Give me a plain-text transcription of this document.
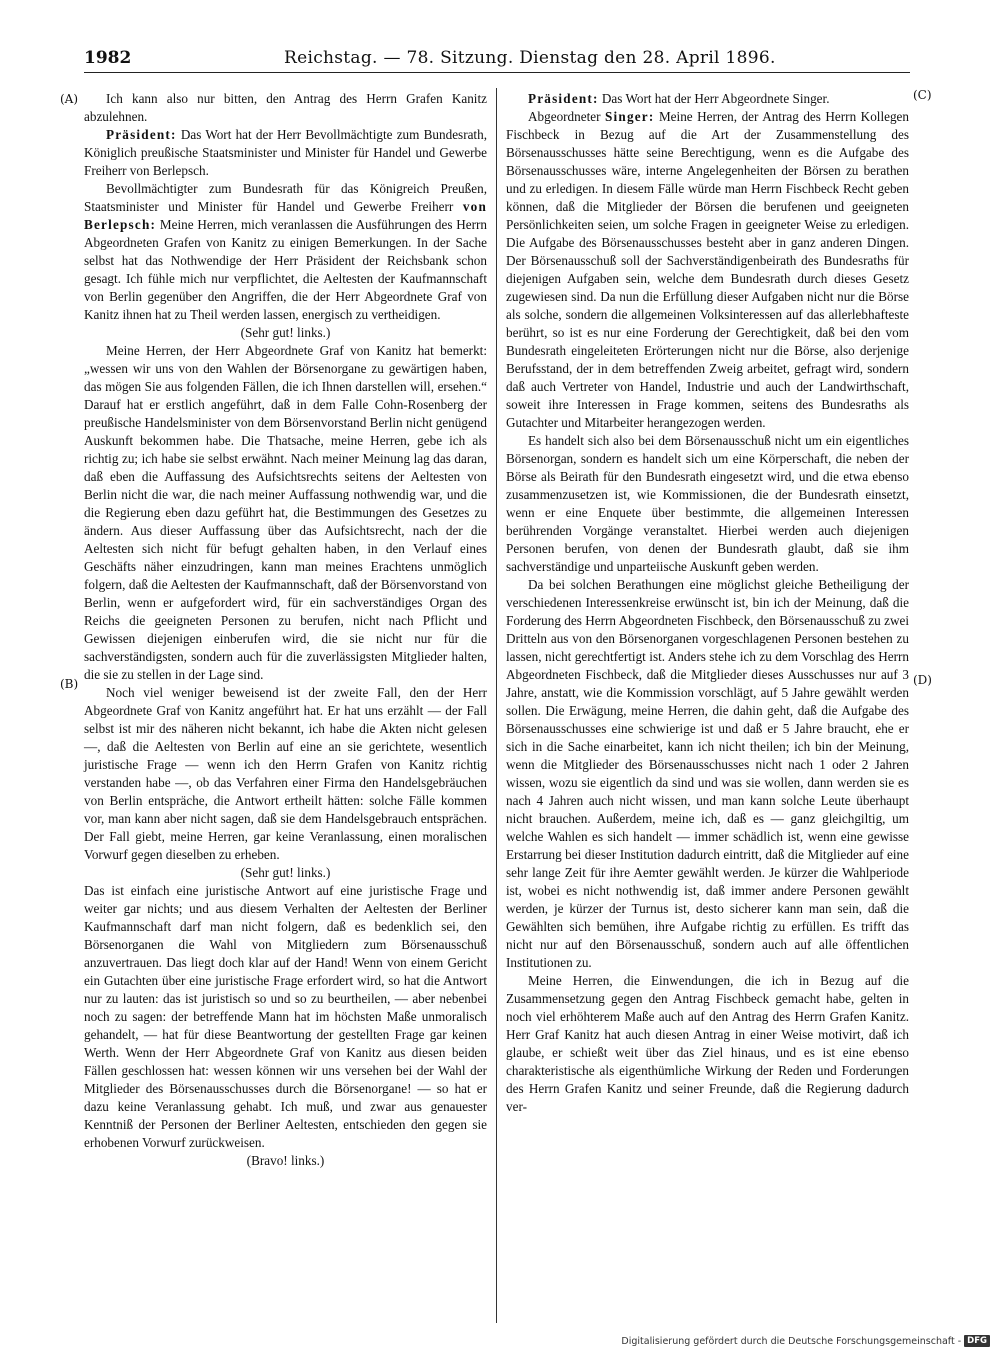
1982	Reichstag. — 78. Sitzung. Dienstag den 28. April 1896.
(A)
(B)
(C)
(D)

Ich kann also nur bitten, den Antrag des Herrn Grafen Kanitz abzulehnen.

Präsident: Das Wort hat der Herr Bevollmächtigte zum Bundesrath, Königlich preußische Staatsminister und Minister für Handel und Gewerbe Freiherr von Berlepsch.

Bevollmächtigter zum Bundesrath für das Königreich Preußen, Staatsminister und Minister für Handel und Gewerbe Freiherr von Berlepsch: Meine Herren, mich veranlassen die Ausführungen des Herrn Abgeordneten Grafen von Kanitz zu einigen Bemerkungen. In der Sache selbst hat das Nothwendige der Herr Präsident der Reichsbank schon gesagt. Ich fühle mich nur verpflichtet, die Aeltesten der Kaufmannschaft von Berlin gegenüber den Angriffen, die der Herr Abgeordnete Graf von Kanitz ihnen hat zu Theil werden lassen, energisch zu vertheidigen.

(Sehr gut! links.)

Meine Herren, der Herr Abgeordnete Graf von Kanitz hat bemerkt: „wessen wir uns von den Wahlen der Börsenorgane zu gewärtigen haben, das mögen Sie aus folgenden Fällen, die ich Ihnen darstellen will, ersehen.“ Darauf hat er erstlich angeführt, daß in dem Falle Cohn-Rosenberg der preußische Handelsminister von dem Börsenvorstand Berlin nicht genügend Auskunft bekommen habe. Die Thatsache, meine Herren, gebe ich als richtig zu; ich habe sie selbst erwähnt. Nach meiner Meinung lag das daran, daß eben die Auffassung des Aufsichtsrechts seitens der Aeltesten von Berlin nicht die war, die nach meiner Auffassung nothwendig war, und die die Regierung eben dazu geführt hat, die Bestimmungen des Gesetzes zu ändern. Aus dieser Auffassung über das Aufsichtsrecht, nach der die Aeltesten sich nicht für befugt gehalten haben, in den Verlauf eines Geschäfts näher einzudringen, kann man meines Erachtens unmöglich folgern, daß die Aeltesten der Kaufmannschaft, daß der Börsenvorstand von Berlin, wenn er aufgefordert wird, für ein sachverständiges Organ des Reichs die geeigneten Personen zu berufen, nicht nach Pflicht und Gewissen diejenigen einberufen wird, die sie nicht nur für die sachverständigsten, sondern auch für die zuverlässigsten Mitglieder halten, die sie zu stellen in der Lage sind.

Noch viel weniger beweisend ist der zweite Fall, den der Herr Abgeordnete Graf von Kanitz angeführt hat. Er hat uns erzählt — der Fall selbst ist mir des näheren nicht bekannt, ich habe die Akten nicht gelesen —, daß die Aeltesten von Berlin auf eine an sie gerichtete, wesentlich juristische Frage — wenn ich den Herrn Grafen von Kanitz richtig verstanden habe —, ob das Verfahren einer Firma den Handelsgebräuchen von Berlin entspräche, die Antwort ertheilt hätten: solche Fälle kommen vor, man kann aber nicht sagen, daß sie dem Handelsgebrauch entsprächen. Der Fall giebt, meine Herren, gar keine Veranlassung, einen moralischen Vorwurf gegen dieselben zu erheben.

(Sehr gut! links.)

Das ist einfach eine juristische Antwort auf eine juristische Frage und weiter gar nichts; und aus diesem Verhalten der Aeltesten der Berliner Kaufmannschaft darf man nicht folgern, daß es bedenklich sei, den Börsenorganen die Wahl von Mitgliedern zum Börsenausschuß anzuvertrauen. Das liegt doch klar auf der Hand! Wenn von einem Gericht ein Gutachten über eine juristische Frage erfordert wird, so hat die Antwort nur zu lauten: das ist juristisch so und so zu beurtheilen, — aber nebenbei noch zu sagen: der betreffende Mann hat im höchsten Maße unmoralisch gehandelt, — hat für diese Beantwortung der gestellten Frage gar keinen Werth. Wenn der Herr Abgeordnete Graf von Kanitz aus diesen beiden Fällen geschlossen hat: wessen können wir uns versehen bei der Wahl der Mitglieder des Börsenausschusses durch die Börsenorgane! — so hat er dazu keine Veranlassung gehabt. Ich muß, und zwar aus genauester Kenntniß der Personen der Berliner Aeltesten, entschieden den gegen sie erhobenen Vorwurf zurückweisen.

(Bravo! links.)

Präsident: Das Wort hat der Herr Abgeordnete Singer.

Abgeordneter Singer: Meine Herren, der Antrag des Herrn Kollegen Fischbeck in Bezug auf die Art der Zusammenstellung des Börsenausschusses hätte seine Berechtigung, wenn es die Aufgabe des Börsenausschusses wäre, interne Angelegenheiten der Börsen zu berathen und zu erledigen. In diesem Fälle würde man Herrn Fischbeck Recht geben können, daß die Mitglieder der Börsen die berufenen und geeigneten Persönlichkeiten seien, um solche Fragen in geeigneter Weise zu erledigen. Die Aufgabe des Börsenausschusses besteht aber in ganz anderen Dingen. Der Börsenausschuß soll der Sachverständigenbeirath des Bundesraths für diejenigen Aufgaben sein, welche dem Bundesrath durch dieses Gesetz zugewiesen sind. Da nun die Erfüllung dieser Aufgaben nicht nur die Börse als solche, sondern die allgemeinen Volksinteressen auf das allerlebhafteste berührt, so ist es nur eine Forderung der Gerechtigkeit, daß bei den vom Bundesrath eingeleiteten Erörterungen nicht nur die Börse, also derjenige Berufsstand, der in dem betreffenden Zweig arbeitet, gefragt wird, sondern daß auch Vertreter von Handel, Industrie und auch der Landwirthschaft, soweit ihre Interessen in Frage kommen, seitens des Bundesraths als Gutachter und Mitarbeiter herangezogen werden.

Es handelt sich also bei dem Börsenausschuß nicht um ein eigentliches Börsenorgan, sondern es handelt sich um eine Körperschaft, die neben der Börse als Beirath für den Bundesrath eingesetzt wird, und die etwa ebenso zusammenzusetzen ist, wie Kommissionen, die der Bundesrath einsetzt, wenn er eine Enquete über bestimmte, die allgemeinen Interessen berührenden Vorgänge veranstaltet. Hierbei werden auch diejenigen Personen berufen, von denen der Bundesrath glaubt, daß sie ihm sachverständige und unparteiische Auskunft geben werden.

Da bei solchen Berathungen eine möglichst gleiche Betheiligung der verschiedenen Interessenkreise erwünscht ist, bin ich der Meinung, daß die Forderung des Herrn Abgeordneten Fischbeck, den Börsenausschuß zu zwei Dritteln aus von den Börsenorganen vorgeschlagenen Personen bestehen zu lassen, nicht gerechtfertigt ist. Anders stehe ich zu dem Vorschlag des Herrn Abgeordneten Fischbeck, daß die Mitglieder dieses Ausschusses nur auf 3 Jahre, anstatt, wie die Kommission vorschlägt, auf 5 Jahre gewählt werden sollen. Die Erwägung, meine Herren, die dahin geht, daß die Aufgabe des Börsenausschusses eine schwierige ist und daß er 5 Jahre braucht, ehe er sich in die Sache einarbeitet, kann ich nicht theilen; ich bin der Meinung, wenn die Mitglieder des Börsenausschusses nicht nach 1 oder 2 Jahren wissen, wozu sie eigentlich da sind und was sie wollen, dann werden sie es nach 4 Jahren auch nicht wissen, und man kann solche Leute überhaupt nicht brauchen. Außerdem, meine ich, daß es — ganz gleichgiltig, um welche Wahlen es sich handelt — immer schädlich ist, wenn eine gewisse Erstarrung bei dieser Institution dadurch eintritt, daß die Mitglieder auf eine sehr lange Zeit für ihre Aemter gewählt werden. Je kürzer die Wahlperiode ist, wobei es nicht nothwendig ist, daß immer andere Personen gewählt werden, je kürzer der Turnus ist, desto sicherer kann man sein, daß die Gewählten sich bemühen, ihre Aufgabe richtig zu erfüllen. Es trifft das nicht nur auf den Börsenausschuß, sondern auch auf alle öffentlichen Institutionen zu.

Meine Herren, die Einwendungen, die ich in Bezug auf die Zusammensetzung gegen den Antrag Fischbeck gemacht habe, gelten in noch viel erhöhterem Maße auch auf den Antrag des Herrn Grafen Kanitz. Herr Graf Kanitz hat auch diesen Antrag in einer Weise motivirt, daß ich glaube, er schießt weit über das Ziel hinaus, und es ist eine ebenso charakteristische als eigenthümliche Wirkung der Reden und Forderungen des Herrn Grafen Kanitz und seiner Freunde, daß die Regierung dadurch ver-

Digitalisierung gefördert durch die Deutsche Forschungsgemeinschaft - DFG
